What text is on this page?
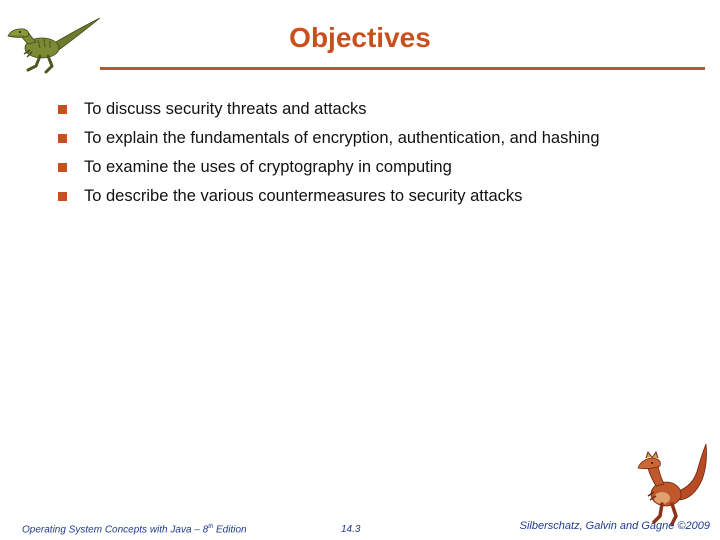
Objectives
To discuss security threats and attacks
To explain the fundamentals of encryption, authentication, and hashing
To examine the uses of cryptography in computing
To describe the various countermeasures to security attacks
Operating System Concepts with Java – 8th Edition	14.3	Silberschatz, Galvin and Gagne ©2009
